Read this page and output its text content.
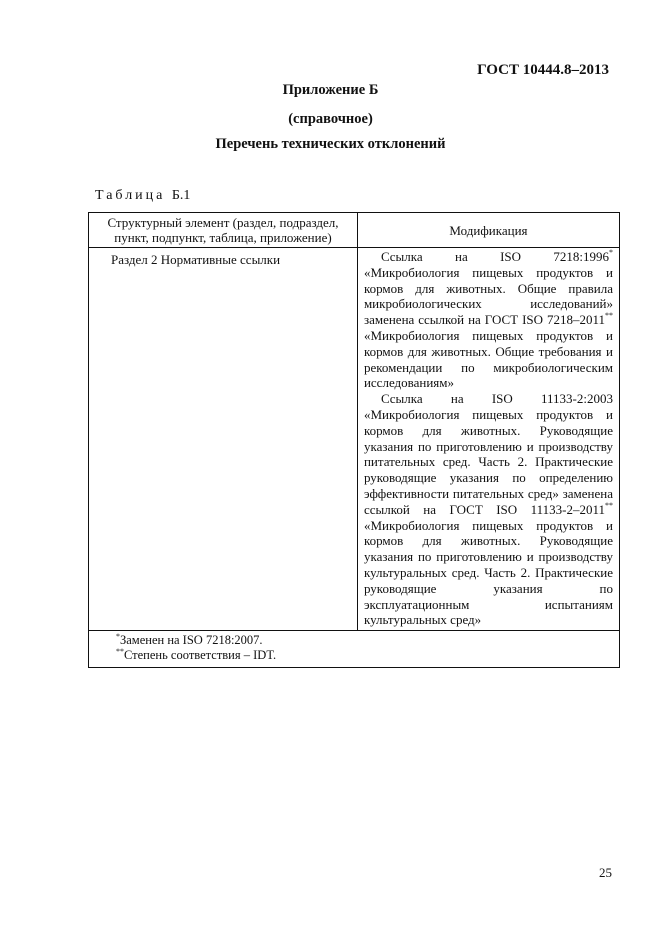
ГОСТ 10444.8–2013
Приложение Б
(справочное)
Перечень технических отклонений
Таблица Б.1
Структурный элемент (раздел, подраздел, пункт, подпункт, таблица, приложение)	Модификация
Раздел 2 Нормативные ссылки	Ссылка на ISO 7218:1996* «Микробиология пищевых продуктов и кормов для животных. Общие правила микробиологических исследований» заменена ссылкой на ГОСТ ISO 7218–2011** «Микробиология пищевых продуктов и кормов для животных. Общие требования и рекомендации по микробиологическим исследованиям»

Ссылка на ISO 11133-2:2003 «Микробиология пищевых продуктов и кормов для животных. Руководящие указания по приготовлению и производству питательных сред. Часть 2. Практические руководящие указания по определению эффективности питательных сред» заменена ссылкой на ГОСТ ISO 11133-2–2011** «Микробиология пищевых продуктов и кормов для животных. Руководящие указания по приготовлению и производству культуральных сред. Часть 2. Практические руководящие указания по эксплуатационным испытаниям культуральных сред»

*Заменен на ISO 7218:2007.
**Степень соответствия – IDT.	
25
